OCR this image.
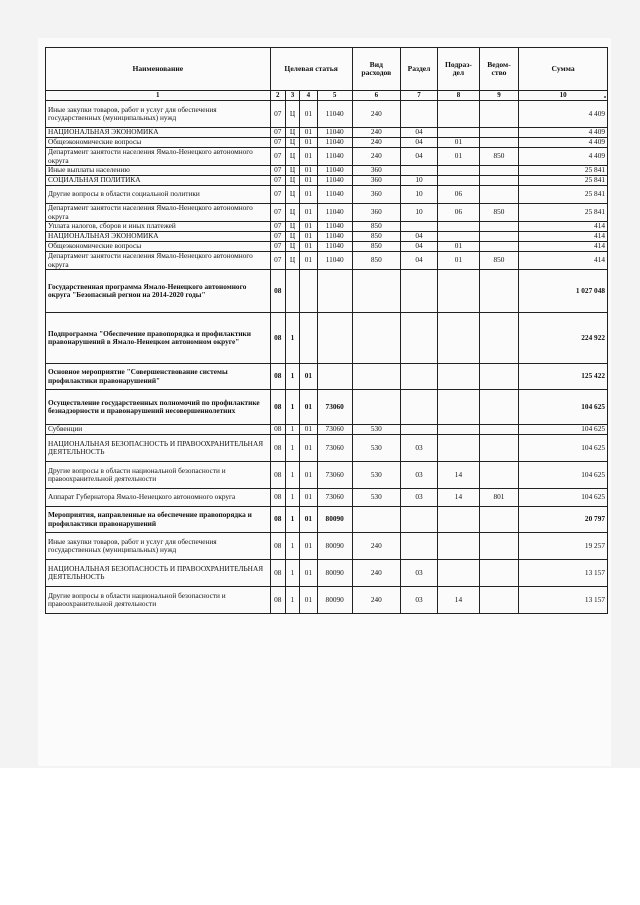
Наименование	Целевая статья				Вид расходов	Раздел	Подраз-дел	Ведом-ство	Сумма
1	2	3	4	5	6	7	8	9	10
Иные закупки товаров, работ и услуг для обеспечения государственных (муниципальных) нужд	07	Ц	01	11040	240				4 409
НАЦИОНАЛЬНАЯ ЭКОНОМИКА	07	Ц	01	11040	240	04			4 409
Общеэкономические вопросы	07	Ц	01	11040	240	04	01		4 409
Департамент занятости населения Ямало-Ненецкого автономного округа	07	Ц	01	11040	240	04	01	850	4 409
Иные выплаты населению	07	Ц	01	11040	360				25 841
СОЦИАЛЬНАЯ ПОЛИТИКА	07	Ц	01	11040	360	10			25 841
Другие вопросы в области социальной политики	07	Ц	01	11040	360	10	06		25 841
Департамент занятости населения Ямало-Ненецкого автономного округа	07	Ц	01	11040	360	10	06	850	25 841
Уплата налогов, сборов и иных платежей	07	Ц	01	11040	850				414
НАЦИОНАЛЬНАЯ ЭКОНОМИКА	07	Ц	01	11040	850	04			414
Общеэкономические вопросы	07	Ц	01	11040	850	04	01		414
Департамент занятости населения Ямало-Ненецкого автономного округа	07	Ц	01	11040	850	04	01	850	414
Государственная программа Ямало-Ненецкого автономного округа "Безопасный регион на 2014-2020 годы"	08								1 027 048
Подпрограмма "Обеспечение правопорядка и профилактики правонарушений в Ямало-Ненецком автономном округе"	08	1							224 922
Основное мероприятие "Совершенствование системы профилактики правонарушений"	08	1	01						125 422
Осуществление государственных полномочий по профилактике безнадзорности и правонарушений несовершеннолетних	08	1	01	73060					104 625
Субвенции	08	1	01	73060	530				104 625
НАЦИОНАЛЬНАЯ БЕЗОПАСНОСТЬ И ПРАВООХРАНИТЕЛЬНАЯ ДЕЯТЕЛЬНОСТЬ	08	1	01	73060	530	03			104 625
Другие вопросы в области национальной безопасности и правоохранительной деятельности	08	1	01	73060	530	03	14		104 625
Аппарат Губернатора Ямало-Ненецкого автономного округа	08	1	01	73060	530	03	14	801	104 625
Мероприятия, направленные на обеспечение правопорядка и профилактики правонарушений	08	1	01	80090					20 797
Иные закупки товаров, работ и услуг для обеспечения государственных (муниципальных) нужд	08	1	01	80090	240				19 257
НАЦИОНАЛЬНАЯ БЕЗОПАСНОСТЬ И ПРАВООХРАНИТЕЛЬНАЯ ДЕЯТЕЛЬНОСТЬ	08	1	01	80090	240	03			13 157
Другие вопросы в области национальной безопасности и правоохранительной деятельности	08	1	01	80090	240	03	14		13 157
